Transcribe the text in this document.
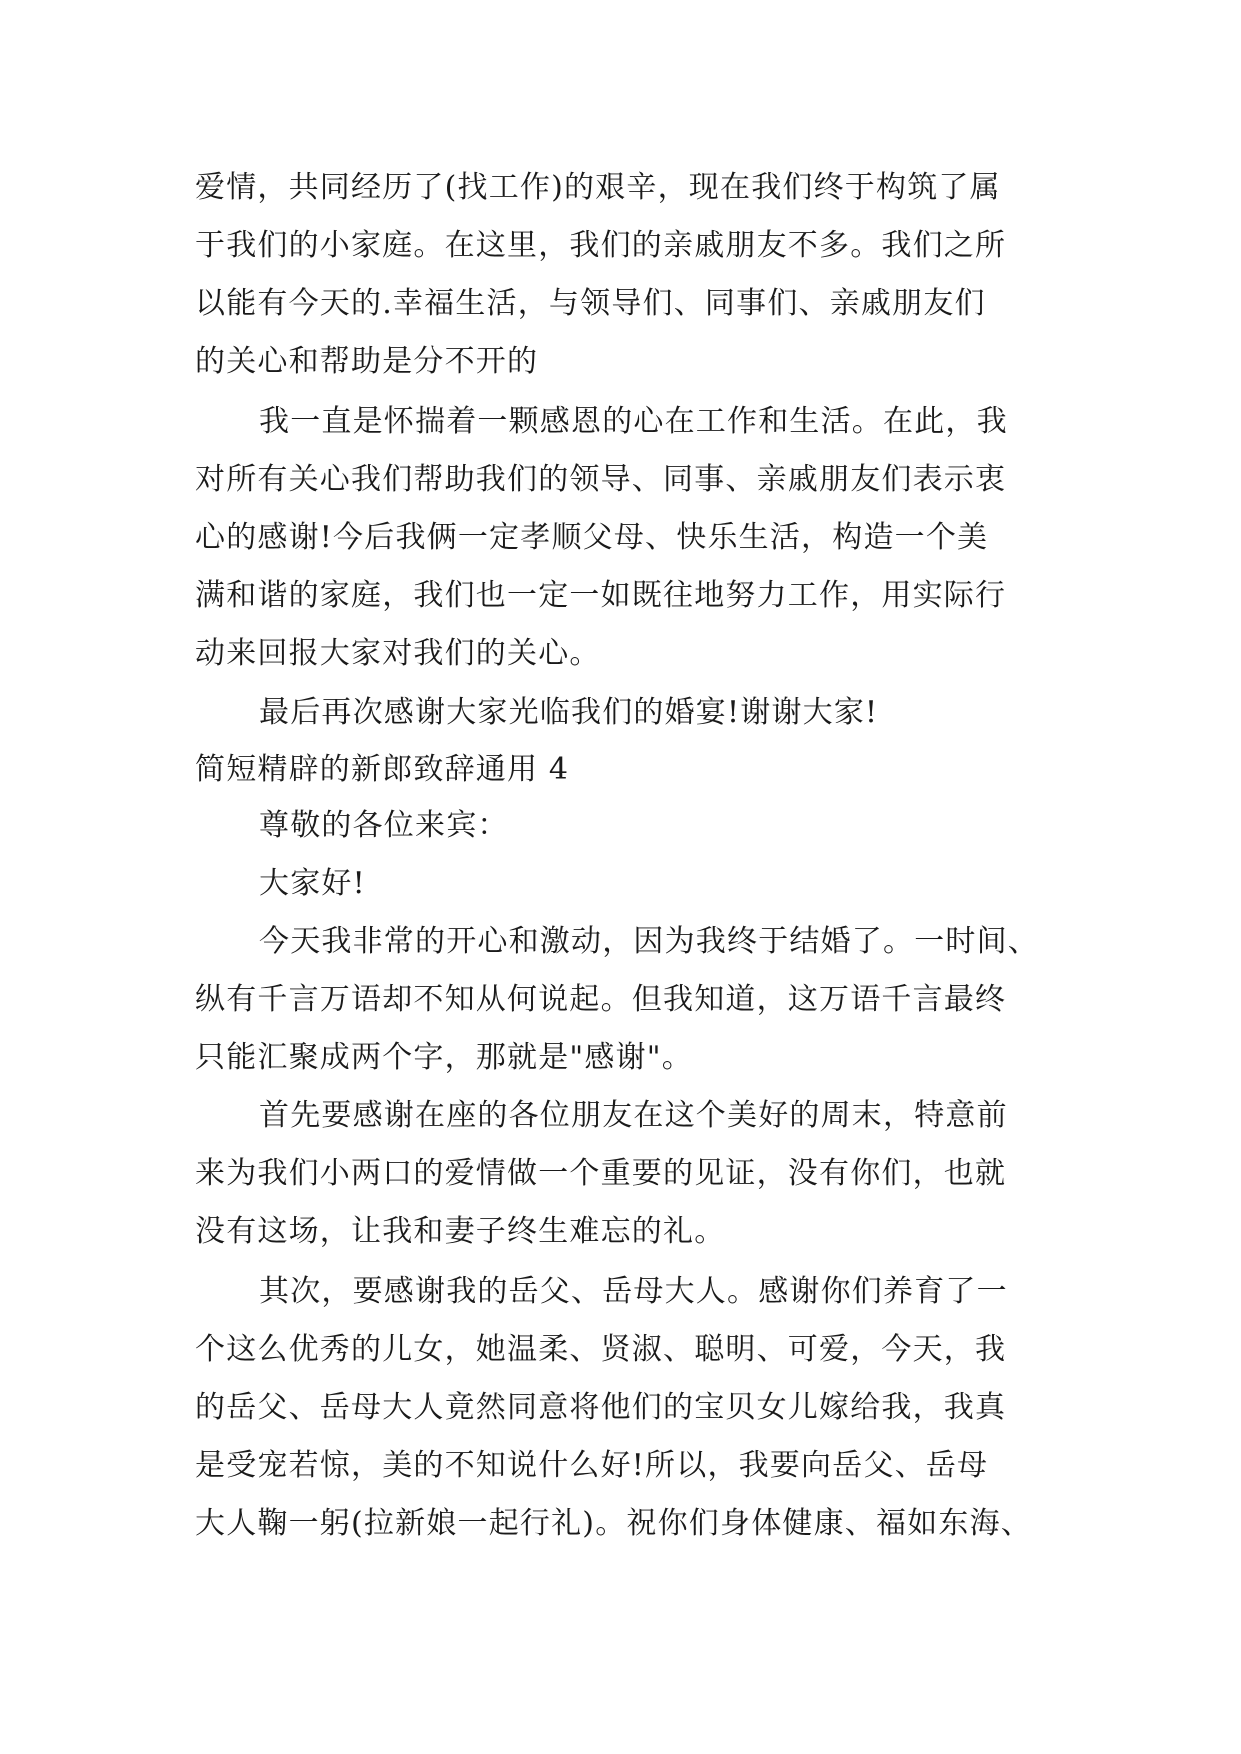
爱情，共同经历了(找工作)的艰辛，现在我们终于构筑了属
于我们的小家庭。在这里，我们的亲戚朋友不多。我们之所
以能有今天的.幸福生活，与领导们、同事们、亲戚朋友们
的关心和帮助是分不开的
我一直是怀揣着一颗感恩的心在工作和生活。在此，我
对所有关心我们帮助我们的领导、同事、亲戚朋友们表示衷
心的感谢!今后我俩一定孝顺父母、快乐生活，构造一个美
满和谐的家庭，我们也一定一如既往地努力工作，用实际行
动来回报大家对我们的关心。
最后再次感谢大家光临我们的婚宴!谢谢大家!
简短精辟的新郎致辞通用 4
尊敬的各位来宾：
大家好!
今天我非常的开心和激动，因为我终于结婚了。一时间、
纵有千言万语却不知从何说起。但我知道，这万语千言最终
只能汇聚成两个字，那就是"感谢"。
首先要感谢在座的各位朋友在这个美好的周末，特意前
来为我们小两口的爱情做一个重要的见证，没有你们，也就
没有这场，让我和妻子终生难忘的礼。
其次，要感谢我的岳父、岳母大人。感谢你们养育了一
个这么优秀的儿女，她温柔、贤淑、聪明、可爱，今天，我
的岳父、岳母大人竟然同意将他们的宝贝女儿嫁给我，我真
是受宠若惊，美的不知说什么好!所以，我要向岳父、岳母
大人鞠一躬(拉新娘一起行礼)。祝你们身体健康、福如东海、
